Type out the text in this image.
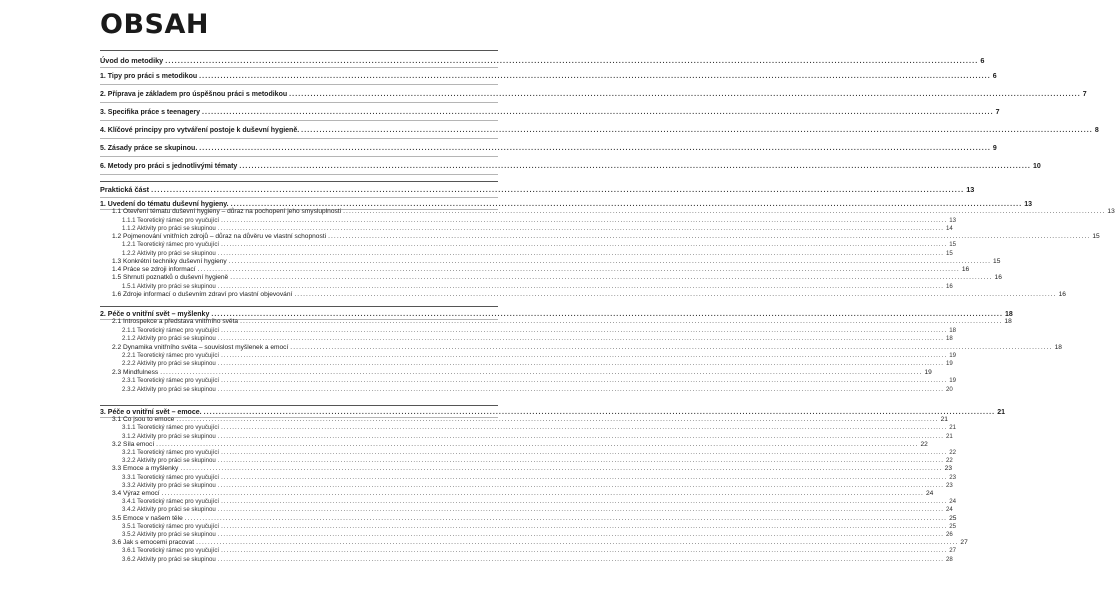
OBSAH
Úvod do metodiky .................................................................................................................................................................................................................................................................... 6
1. Tipy pro práci s metodikou .................................................................................................................................................................................................................................................................... 6
2. Příprava je základem pro úspěšnou práci s metodikou .................................................................................................................................................................................................................................................................... 7
3. Specifika práce s teenagery .................................................................................................................................................................................................................................................................... 7
4. Klíčové principy pro vytváření postoje k duševní hygieně. .................................................................................................................................................................................................................................................................... 8
5. Zásady práce se skupinou. .................................................................................................................................................................................................................................................................... 9
6. Metody pro práci s jednotlivými tématy .................................................................................................................................................................................................................................................................... 10
Praktická část .................................................................................................................................................................................................................................................................... 13
1. Uvedení do tématu duševní hygieny. .................................................................................................................................................................................................................................................................... 13
1.1 Otevření tématu duševní hygieny – důraz na pochopení jeho smysluplnosti .................................................................................................................................................................................................................................................................... 13
1.1.1 Teoretický rámec pro vyučující .................................................................................................................................................................................................................................................................... 13
1.1.2 Aktivity pro práci se skupinou .................................................................................................................................................................................................................................................................... 14
1.2 Pojmenování vnitřních zdrojů – důraz na důvěru ve vlastní schopnosti .................................................................................................................................................................................................................................................................... 15
1.2.1 Teoretický rámec pro vyučující .................................................................................................................................................................................................................................................................... 15
1.2.2 Aktivity pro práci se skupinou .................................................................................................................................................................................................................................................................... 15
1.3 Konkrétní techniky duševní hygieny .................................................................................................................................................................................................................................................................... 15
1.4 Práce se zdroji informací .................................................................................................................................................................................................................................................................... 16
1.5 Shrnutí poznatků o duševní hygieně .................................................................................................................................................................................................................................................................... 16
1.5.1 Aktivity pro práci se skupinou .................................................................................................................................................................................................................................................................... 16
1.6 Zdroje informací o duševním zdraví pro vlastní objevování .................................................................................................................................................................................................................................................................... 16
2. Péče o vnitřní svět – myšlenky .................................................................................................................................................................................................................................................................... 18
2.1 Introspekce a představa vnitřního světa .................................................................................................................................................................................................................................................................... 18
2.1.1 Teoretický rámec pro vyučující .................................................................................................................................................................................................................................................................... 18
2.1.2 Aktivity pro práci se skupinou .................................................................................................................................................................................................................................................................... 18
2.2 Dynamika vnitřního světa – souvislost myšlenek a emocí .................................................................................................................................................................................................................................................................... 18
2.2.1 Teoretický rámec pro vyučující .................................................................................................................................................................................................................................................................... 19
2.2.2 Aktivity pro práci se skupinou .................................................................................................................................................................................................................................................................... 19
2.3 Mindfulness .................................................................................................................................................................................................................................................................... 19
2.3.1 Teoretický rámec pro vyučující .................................................................................................................................................................................................................................................................... 19
2.3.2 Aktivity pro práci se skupinou .................................................................................................................................................................................................................................................................... 20
3. Péče o vnitřní svět – emoce. .................................................................................................................................................................................................................................................................... 21
3.1 Co jsou to emoce .................................................................................................................................................................................................................................................................... 21
3.1.1 Teoretický rámec pro vyučující .................................................................................................................................................................................................................................................................... 21
3.1.2 Aktivity pro práci se skupinou .................................................................................................................................................................................................................................................................... 21
3.2 Síla emocí .................................................................................................................................................................................................................................................................... 22
3.2.1 Teoretický rámec pro vyučující .................................................................................................................................................................................................................................................................... 22
3.2.2 Aktivity pro práci se skupinou .................................................................................................................................................................................................................................................................... 22
3.3 Emoce a myšlenky .................................................................................................................................................................................................................................................................... 23
3.3.1 Teoretický rámec pro vyučující .................................................................................................................................................................................................................................................................... 23
3.3.2 Aktivity pro práci se skupinou .................................................................................................................................................................................................................................................................... 23
3.4 Výraz emocí .................................................................................................................................................................................................................................................................... 24
3.4.1 Teoretický rámec pro vyučující .................................................................................................................................................................................................................................................................... 24
3.4.2 Aktivity pro práci se skupinou .................................................................................................................................................................................................................................................................... 24
3.5 Emoce v našem těle .................................................................................................................................................................................................................................................................... 25
3.5.1 Teoretický rámec pro vyučující .................................................................................................................................................................................................................................................................... 25
3.5.2 Aktivity pro práci se skupinou .................................................................................................................................................................................................................................................................... 26
3.6 Jak s emocemi pracovat .................................................................................................................................................................................................................................................................... 27
3.6.1 Teoretický rámec pro vyučující .................................................................................................................................................................................................................................................................... 27
3.6.2 Aktivity pro práci se skupinou .................................................................................................................................................................................................................................................................... 28
